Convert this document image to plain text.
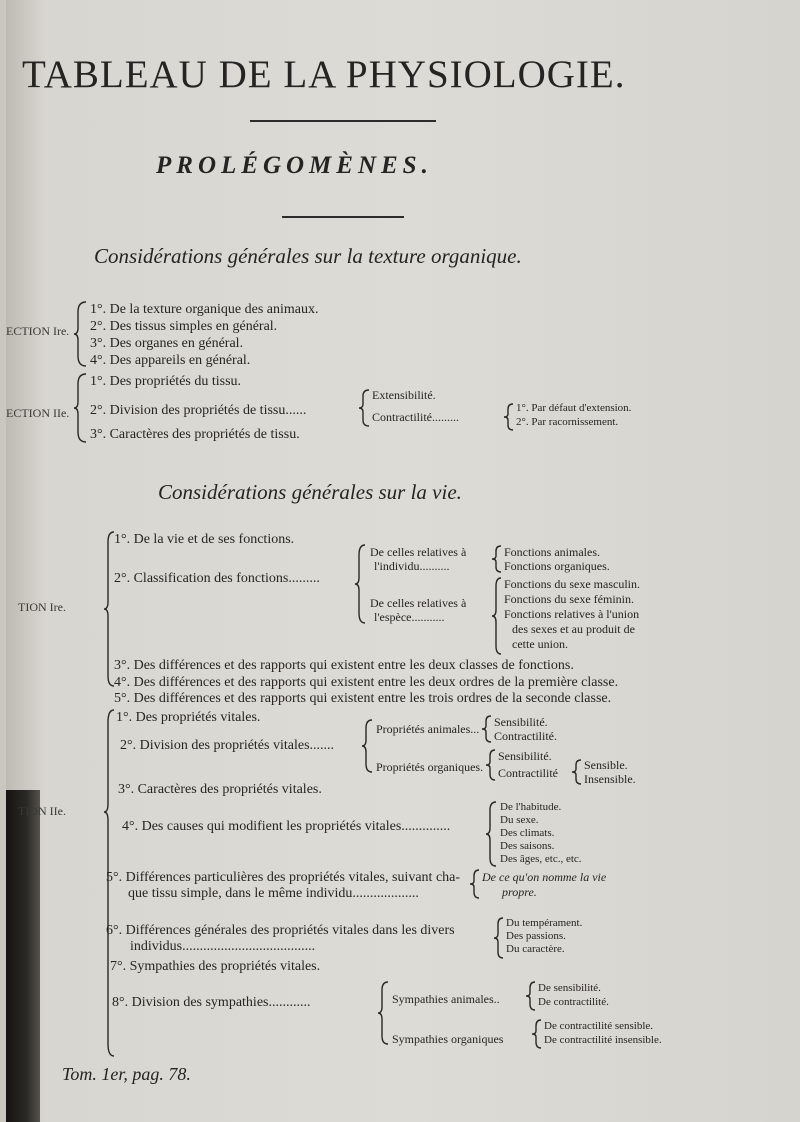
TABLEAU DE LA PHYSIOLOGIE.
PROLÉGOMÈNES.
Considérations générales sur la texture organique.
ECTION Ire.
1°. De la texture organique des animaux.
2°. Des tissus simples en général.
3°. Des organes en général.
4°. Des appareils en général.
ECTION IIe.
1°. Des propriétés du tissu.
2°. Division des propriétés de tissu......
3°. Caractères des propriétés de tissu.
Extensibilité.
Contractilité.........
1°. Par défaut d'extension.
2°. Par racornissement.
Considérations générales sur la vie.
TION Ire.
1°. De la vie et de ses fonctions.
2°. Classification des fonctions.........
De celles relatives à
l'individu..........
Fonctions animales.
Fonctions organiques.
De celles relatives à
l'espèce...........
Fonctions du sexe masculin.
Fonctions du sexe féminin.
Fonctions relatives à l'union
des sexes et au produit de
cette union.
3°. Des différences et des rapports qui existent entre les deux classes de fonctions.
4°. Des différences et des rapports qui existent entre les deux ordres de la première classe.
5°. Des différences et des rapports qui existent entre les trois ordres de la seconde classe.
TION IIe.
1°. Des propriétés vitales.
2°. Division des propriétés vitales.......
Propriétés animales... Sensibilité.
Contractilité.
Propriétés organiques.
Sensibilité.
Contractilité
Sensible.
Insensible.
3°. Caractères des propriétés vitales.
4°. Des causes qui modifient les propriétés vitales..............
De l'habitude.
Du sexe.
Des climats.
Des saisons.
Des âges, etc., etc.
5°. Différences particulières des propriétés vitales, suivant cha-
que tissu simple, dans le même individu...................
De ce qu'on nomme la vie
propre.
6°. Différences générales des propriétés vitales dans les divers
individus......................................
Du tempérament.
Des passions.
Du caractère.
7°. Sympathies des propriétés vitales.
8°. Division des sympathies............	Sympathies animales..
De sensibilité.
De contractilité.
Sympathies organiques
De contractilité sensible.
De contractilité insensible.
Tom. 1er, pag. 78.
